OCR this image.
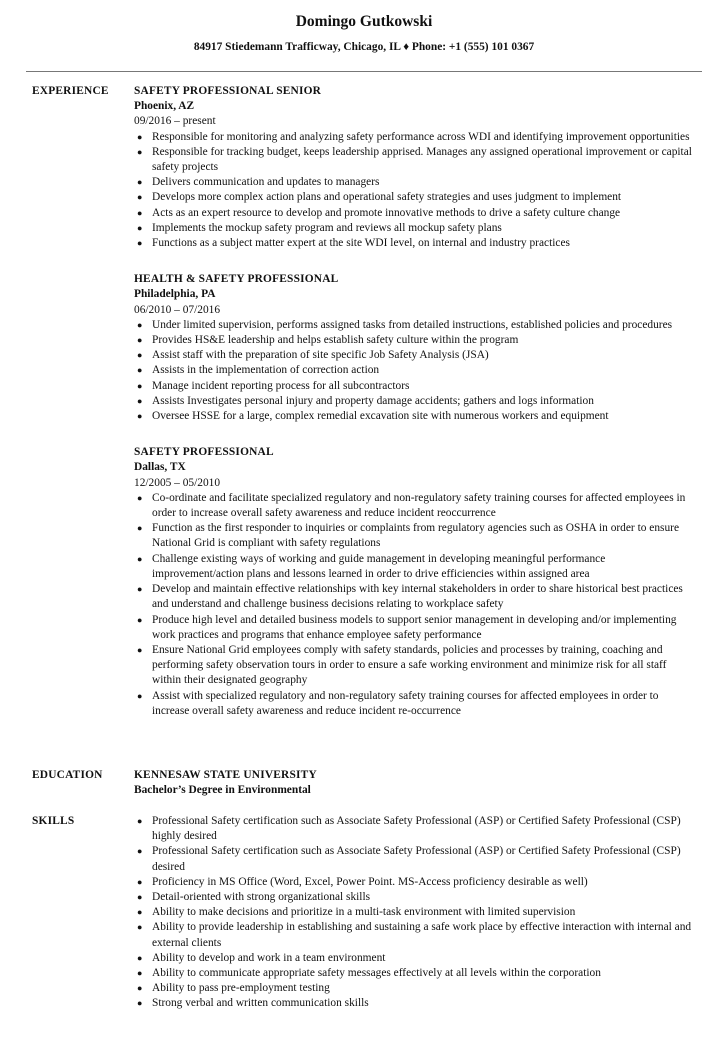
Domingo Gutkowski
84917 Stiedemann Trafficway, Chicago, IL ♦ Phone: +1 (555) 101 0367
EXPERIENCE SAFETY PROFESSIONAL SENIOR
Phoenix, AZ
09/2016 – present
● Responsible for monitoring and analyzing safety performance across WDI and identifying improvement opportunities
● Responsible for tracking budget, keeps leadership apprised. Manages any assigned operational improvement or capital safety projects
● Delivers communication and updates to managers
● Develops more complex action plans and operational safety strategies and uses judgment to implement
● Acts as an expert resource to develop and promote innovative methods to drive a safety culture change
● Implements the mockup safety program and reviews all mockup safety plans
● Functions as a subject matter expert at the site WDI level, on internal and industry practices
HEALTH & SAFETY PROFESSIONAL
Philadelphia, PA
06/2010 – 07/2016
● Under limited supervision, performs assigned tasks from detailed instructions, established policies and procedures
● Provides HS&E leadership and helps establish safety culture within the program
● Assist staff with the preparation of site specific Job Safety Analysis (JSA)
● Assists in the implementation of correction action
● Manage incident reporting process for all subcontractors
● Assists Investigates personal injury and property damage accidents; gathers and logs information
● Oversee HSSE for a large, complex remedial excavation site with numerous workers and equipment
SAFETY PROFESSIONAL
Dallas, TX
12/2005 – 05/2010
● Co-ordinate and facilitate specialized regulatory and non-regulatory safety training courses for affected employees in order to increase overall safety awareness and reduce incident reoccurrence
● Function as the first responder to inquiries or complaints from regulatory agencies such as OSHA in order to ensure National Grid is compliant with safety regulations
● Challenge existing ways of working and guide management in developing meaningful performance improvement/action plans and lessons learned in order to drive efficiencies within assigned area
● Develop and maintain effective relationships with key internal stakeholders in order to share historical best practices and understand and challenge business decisions relating to workplace safety
● Produce high level and detailed business models to support senior management in developing and/or implementing work practices and programs that enhance employee safety performance
● Ensure National Grid employees comply with safety standards, policies and processes by training, coaching and performing safety observation tours in order to ensure a safe working environment and minimize risk for all staff within their designated geography
● Assist with specialized regulatory and non-regulatory safety training courses for affected employees in order to increase overall safety awareness and reduce incident re-occurrence
EDUCATION	KENNESAW STATE UNIVERSITY
Bachelor’s Degree in Environmental
SKILLS	● Professional Safety certification such as Associate Safety Professional (ASP) or Certified Safety Professional (CSP) highly desired
● Professional Safety certification such as Associate Safety Professional (ASP) or Certified Safety Professional (CSP) desired
● Proficiency in MS Office (Word, Excel, Power Point. MS-Access proficiency desirable as well)
● Detail-oriented with strong organizational skills
● Ability to make decisions and prioritize in a multi-task environment with limited supervision
● Ability to provide leadership in establishing and sustaining a safe work place by effective interaction with internal and external clients
● Ability to develop and work in a team environment
● Ability to communicate appropriate safety messages effectively at all levels within the corporation
● Ability to pass pre-employment testing
● Strong verbal and written communication skills
